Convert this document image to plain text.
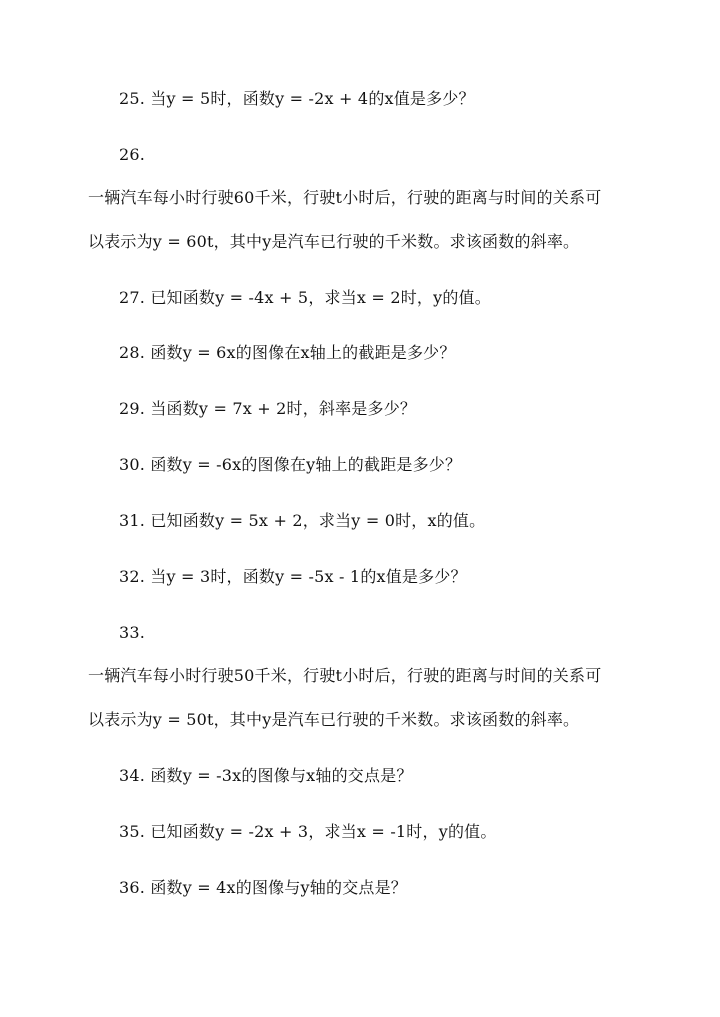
25. 当y = 5时，函数y = -2x + 4的x值是多少？
26.
一辆汽车每小时行驶60千米，行驶t小时后，行驶的距离与时间的关系可
以表示为y = 60t，其中y是汽车已行驶的千米数。求该函数的斜率。
27. 已知函数y = -4x + 5，求当x = 2时，y的值。
28. 函数y = 6x的图像在x轴上的截距是多少？
29. 当函数y = 7x + 2时，斜率是多少？
30. 函数y = -6x的图像在y轴上的截距是多少？
31. 已知函数y = 5x + 2，求当y = 0时，x的值。
32. 当y = 3时，函数y = -5x - 1的x值是多少？
33.
一辆汽车每小时行驶50千米，行驶t小时后，行驶的距离与时间的关系可
以表示为y = 50t，其中y是汽车已行驶的千米数。求该函数的斜率。
34. 函数y = -3x的图像与x轴的交点是？
35. 已知函数y = -2x + 3，求当x = -1时，y的值。
36. 函数y = 4x的图像与y轴的交点是？
